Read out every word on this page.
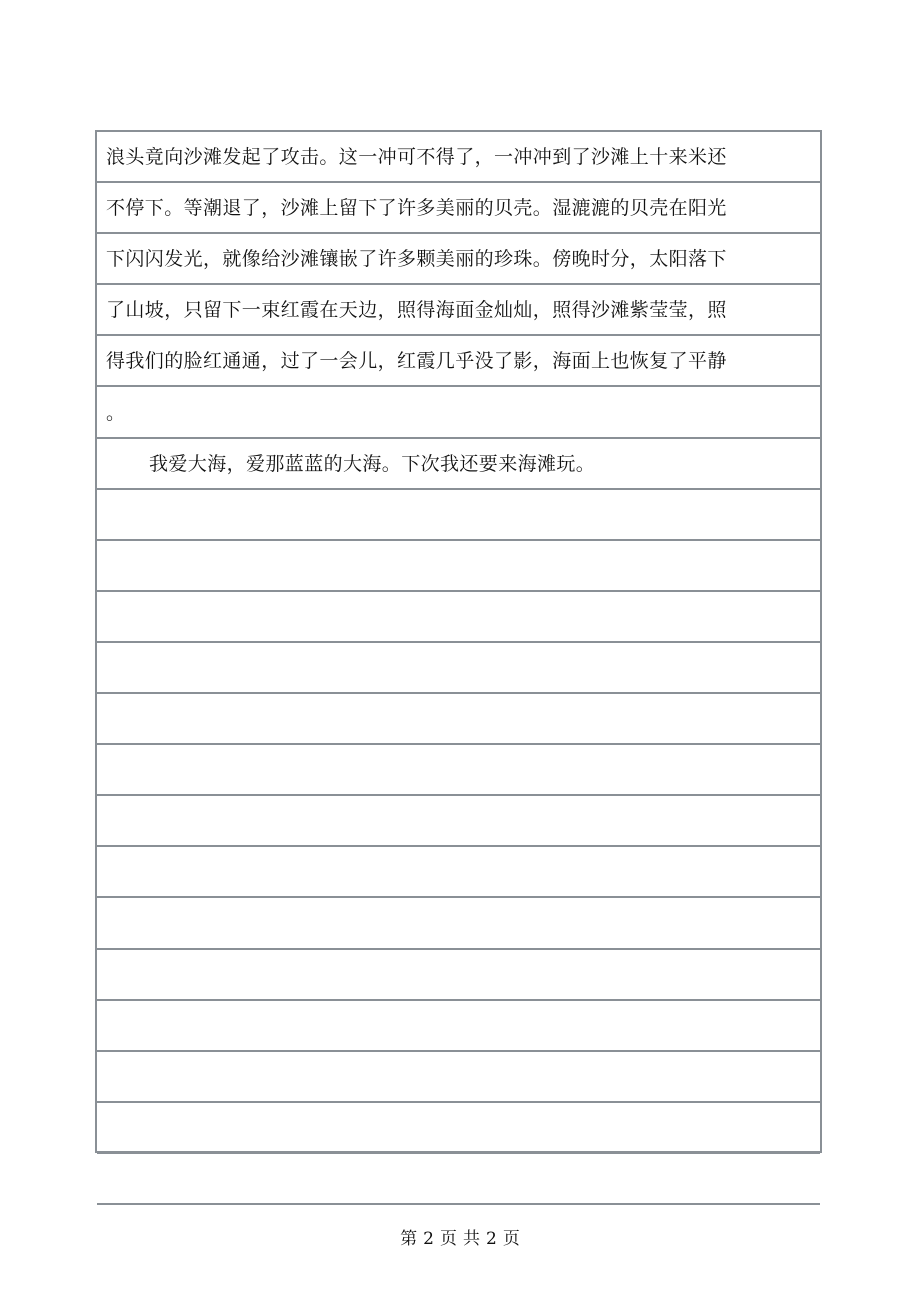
浪头竟向沙滩发起了攻击。这一冲可不得了，一冲冲到了沙滩上十来米还
不停下。等潮退了，沙滩上留下了许多美丽的贝壳。湿漉漉的贝壳在阳光
下闪闪发光，就像给沙滩镶嵌了许多颗美丽的珍珠。傍晚时分，太阳落下
了山坡，只留下一束红霞在天边，照得海面金灿灿，照得沙滩紫莹莹，照
得我们的脸红通通，过了一会儿，红霞几乎没了影，海面上也恢复了平静
。
我爱大海，爱那蓝蓝的大海。下次我还要来海滩玩。
第 2 页 共 2 页
